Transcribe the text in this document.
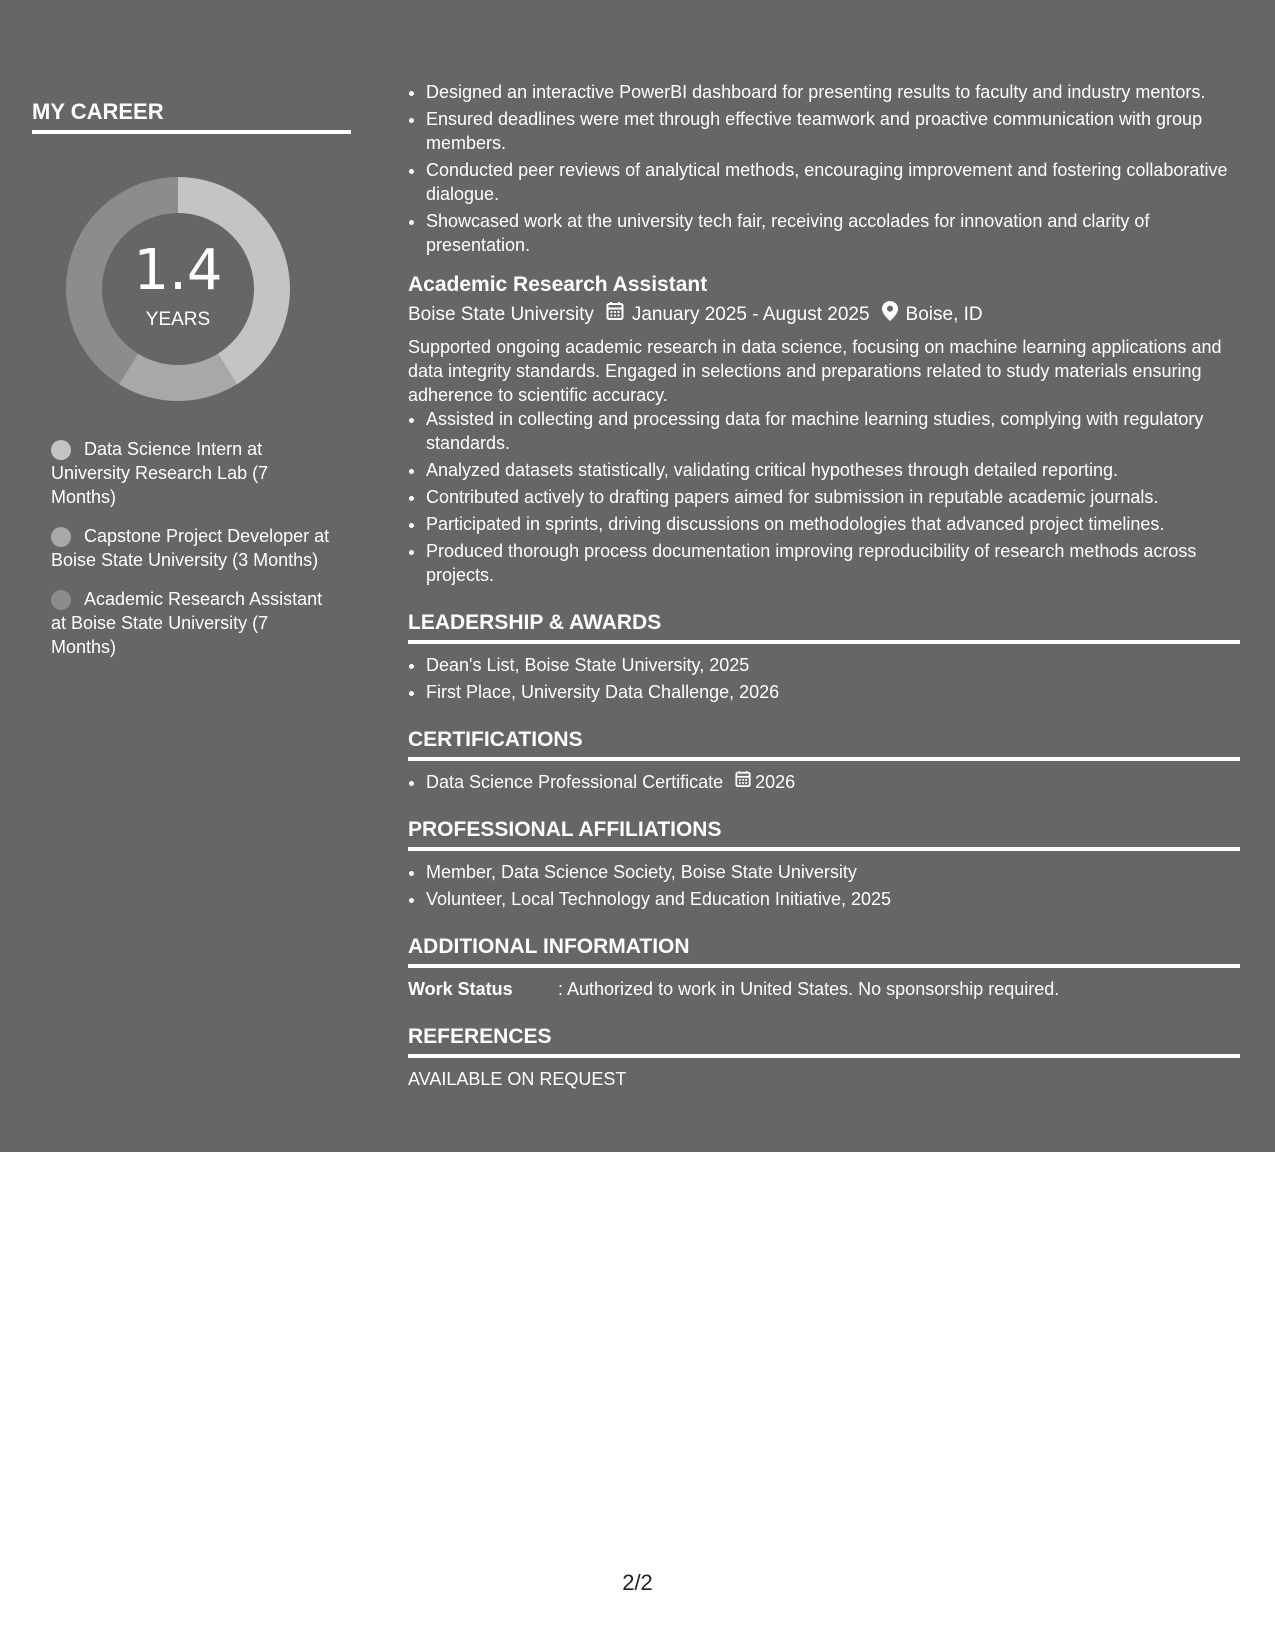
MY CAREER
1.4
YEARS
Data Science Intern at University Research Lab (7 Months)
Capstone Project Developer at Boise State University (3 Months)
Academic Research Assistant at Boise State University (7 Months)
• Designed an interactive PowerBI dashboard for presenting results to faculty and industry mentors.
• Ensured deadlines were met through effective teamwork and proactive communication with group members.
• Conducted peer reviews of analytical methods, encouraging improvement and fostering collaborative dialogue.
• Showcased work at the university tech fair, receiving accolades for innovation and clarity of presentation.
Academic Research Assistant
Boise State University January 2025 - August 2025 Boise, ID
Supported ongoing academic research in data science, focusing on machine learning applications and data integrity standards. Engaged in selections and preparations related to study materials ensuring adherence to scientific accuracy.
• Assisted in collecting and processing data for machine learning studies, complying with regulatory standards.
• Analyzed datasets statistically, validating critical hypotheses through detailed reporting.
• Contributed actively to drafting papers aimed for submission in reputable academic journals.
• Participated in sprints, driving discussions on methodologies that advanced project timelines.
• Produced thorough process documentation improving reproducibility of research methods across projects.
LEADERSHIP & AWARDS
• Dean's List, Boise State University, 2025
• First Place, University Data Challenge, 2026
CERTIFICATIONS
• Data Science Professional Certificate 2026
PROFESSIONAL AFFILIATIONS
• Member, Data Science Society, Boise State University
• Volunteer, Local Technology and Education Initiative, 2025
ADDITIONAL INFORMATION
Work Status	: Authorized to work in United States. No sponsorship required.
REFERENCES
AVAILABLE ON REQUEST
2/2
